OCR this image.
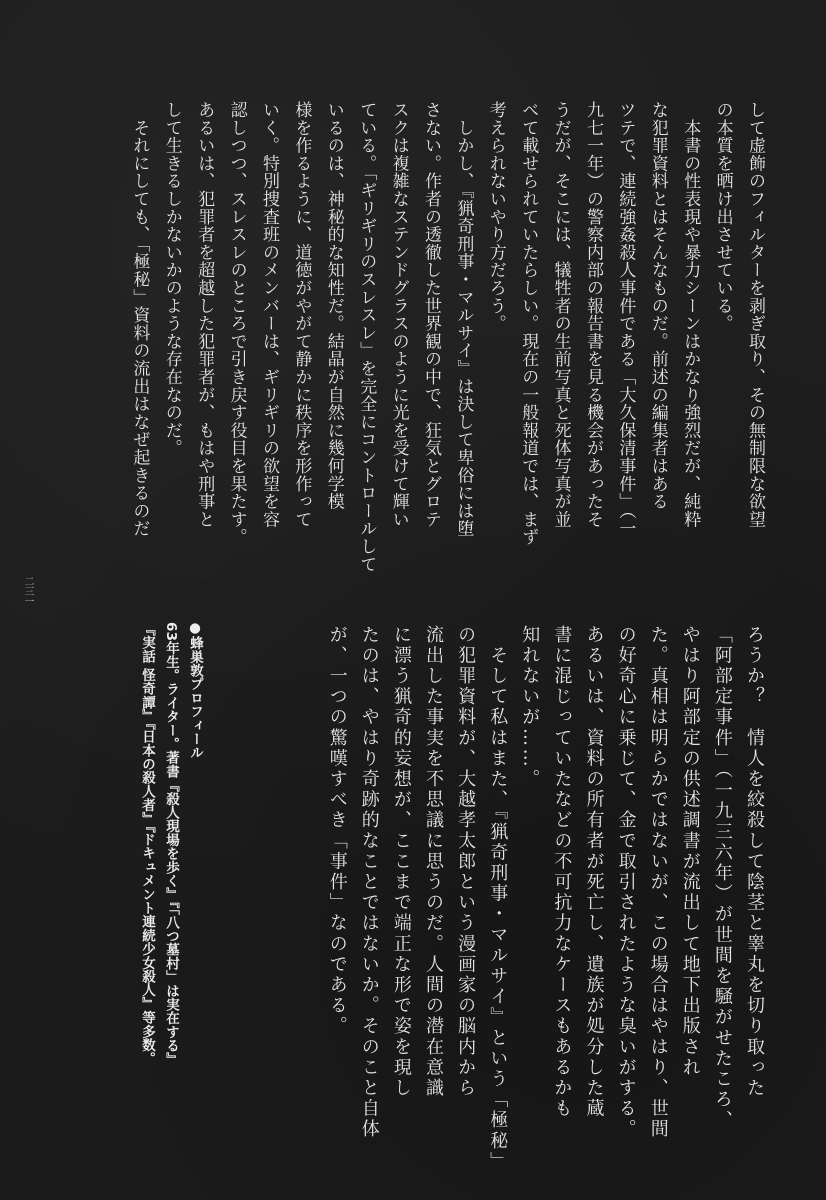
して虚飾のフィルターを剥ぎ取り、その無制限な欲望
の本質を晒け出させている。
　本書の性表現や暴力シーンはかなり強烈だが、純粋
な犯罪資料とはそんなものだ。前述の編集者はある
ツテで、連続強姦殺人事件である「大久保清事件」（一
九七一年）の警察内部の報告書を見る機会があったそ
うだが、そこには、犠牲者の生前写真と死体写真が並
べて載せられていたらしい。現在の一般報道では、まず
考えられないやり方だろう。
　しかし、『猟奇刑事・マルサイ』は決して卑俗には堕
さない。作者の透徹した世界観の中で、狂気とグロテ
スクは複雑なステンドグラスのように光を受けて輝い
ている。「ギリギリのスレスレ」を完全にコントロールして
いるのは、神秘的な知性だ。結晶が自然に幾何学模
様を作るように、道徳がやがて静かに秩序を形作って
いく。特別捜査班のメンバーは、ギリギリの欲望を容
認しつつ、スレスレのところで引き戻す役目を果たす。
あるいは、犯罪者を超越した犯罪者が、もはや刑事と
して生きるしかないかのような存在なのだ。
　それにしても、「極秘」資料の流出はなぜ起きるのだ
ろうか？　情人を絞殺して陰茎と睾丸を切り取った
「阿部定事件」（一九三六年）が世間を騒がせたころ、
やはり阿部定の供述調書が流出して地下出版され
た。真相は明らかではないが、この場合はやはり、世間
の好奇心に乗じて、金で取引されたような臭いがする。
あるいは、資料の所有者が死亡し、遺族が処分した蔵
書に混じっていたなどの不可抗力なケースもあるかも
知れないが……。
　そして私はまた、『猟奇刑事・マルサイ』という「極秘」
の犯罪資料が、大越孝太郎という漫画家の脳内から
流出した事実を不思議に思うのだ。人間の潜在意識
に漂う猟奇的妄想が、ここまで端正な形で姿を現し
たのは、やはり奇跡的なことではないか。そのこと自体
が、一つの驚嘆すべき「事件」なのである。
●蜂巣敦プロフィール
63年生。ライター。著書『殺人現場を歩く』『「八つ墓村」は実在する』
『実話 怪奇譚』『日本の殺人者』『ドキュメント連続少女殺人』等多数。
二三一
